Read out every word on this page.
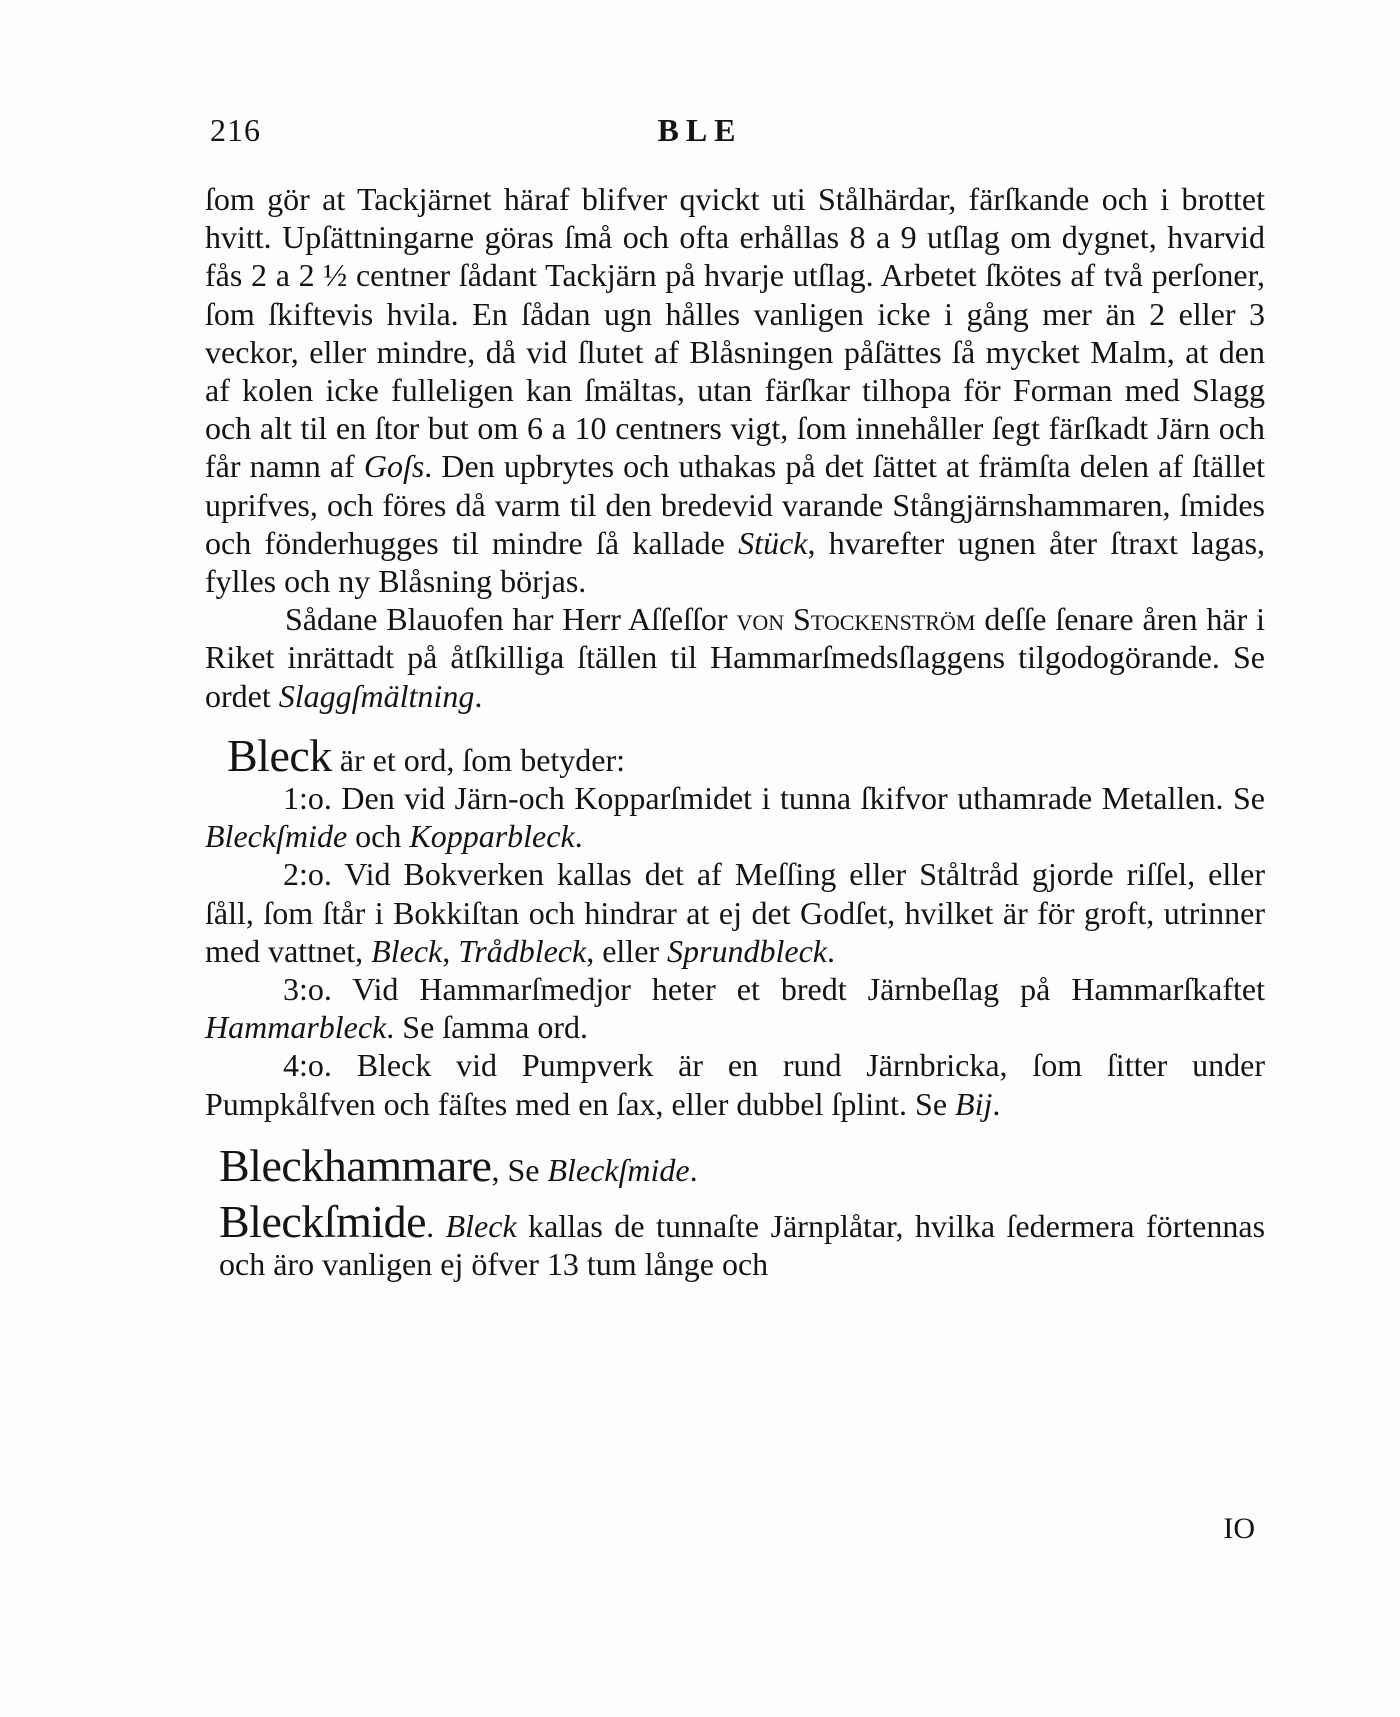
216	BLE

ſom gör at Tackjärnet häraf blifver qvickt uti Stålhärdar, färſkande och i brottet hvitt. Upſättningarne göras ſmå och ofta erhållas 8 a 9 utſlag om dygnet, hvarvid fås 2 a 2 ½ centner ſådant Tackjärn på hvarje utſlag. Arbetet ſkötes af två perſoner, ſom ſkiftevis hvila. En ſådan ugn hålles vanligen icke i gång mer än 2 eller 3 veckor, eller mindre, då vid ſlutet af Blåsningen påſättes ſå mycket Malm, at den af kolen icke fulleligen kan ſmältas, utan färſkar tilhopa för Forman med Slagg och alt til en ſtor but om 6 a 10 centners vigt, ſom innehåller ſegt färſkadt Järn och får namn af Goſs. Den upbrytes och uthakas på det ſättet at främſta delen af ſtället uprifves, och föres då varm til den bredevid varande Stångjärnshammaren, ſmides och fönderhugges til mindre ſå kallade Stück, hvarefter ugnen åter ſtraxt lagas, fylles och ny Blåsning börjas.

Sådane Blauofen har Herr Aſſeſſor von Stockenström deſſe ſenare åren här i Riket inrättadt på åtſkilliga ſtällen til Hammarſmedsſlaggens tilgodogörande. Se ordet Slaggſmältning.

Bleck är et ord, ſom betyder:

1:o. Den vid Järn-och Kopparſmidet i tunna ſkifvor uthamrade Metallen. Se Bleckſmide och Kopparbleck.

2:o. Vid Bokverken kallas det af Meſſing eller Ståltråd gjorde riſſel, eller ſåll, ſom ſtår i Bokkiſtan och hindrar at ej det Godſet, hvilket är för groft, utrinner med vattnet, Bleck, Trådbleck, eller Sprundbleck.

3:o. Vid Hammarſmedjor heter et bredt Järnbeſlag på Hammarſkaftet Hammarbleck. Se ſamma ord.

4:o. Bleck vid Pumpverk är en rund Järnbricka, ſom ſitter under Pumpkålfven och fäſtes med en ſax, eller dubbel ſplint. Se Bij.

Bleckhammare, Se Bleckſmide.

Bleckſmide. Bleck kallas de tunnaſte Järnplåtar, hvilka ſedermera förtennas och äro vanligen ej öfver 13 tum långe och

IO
